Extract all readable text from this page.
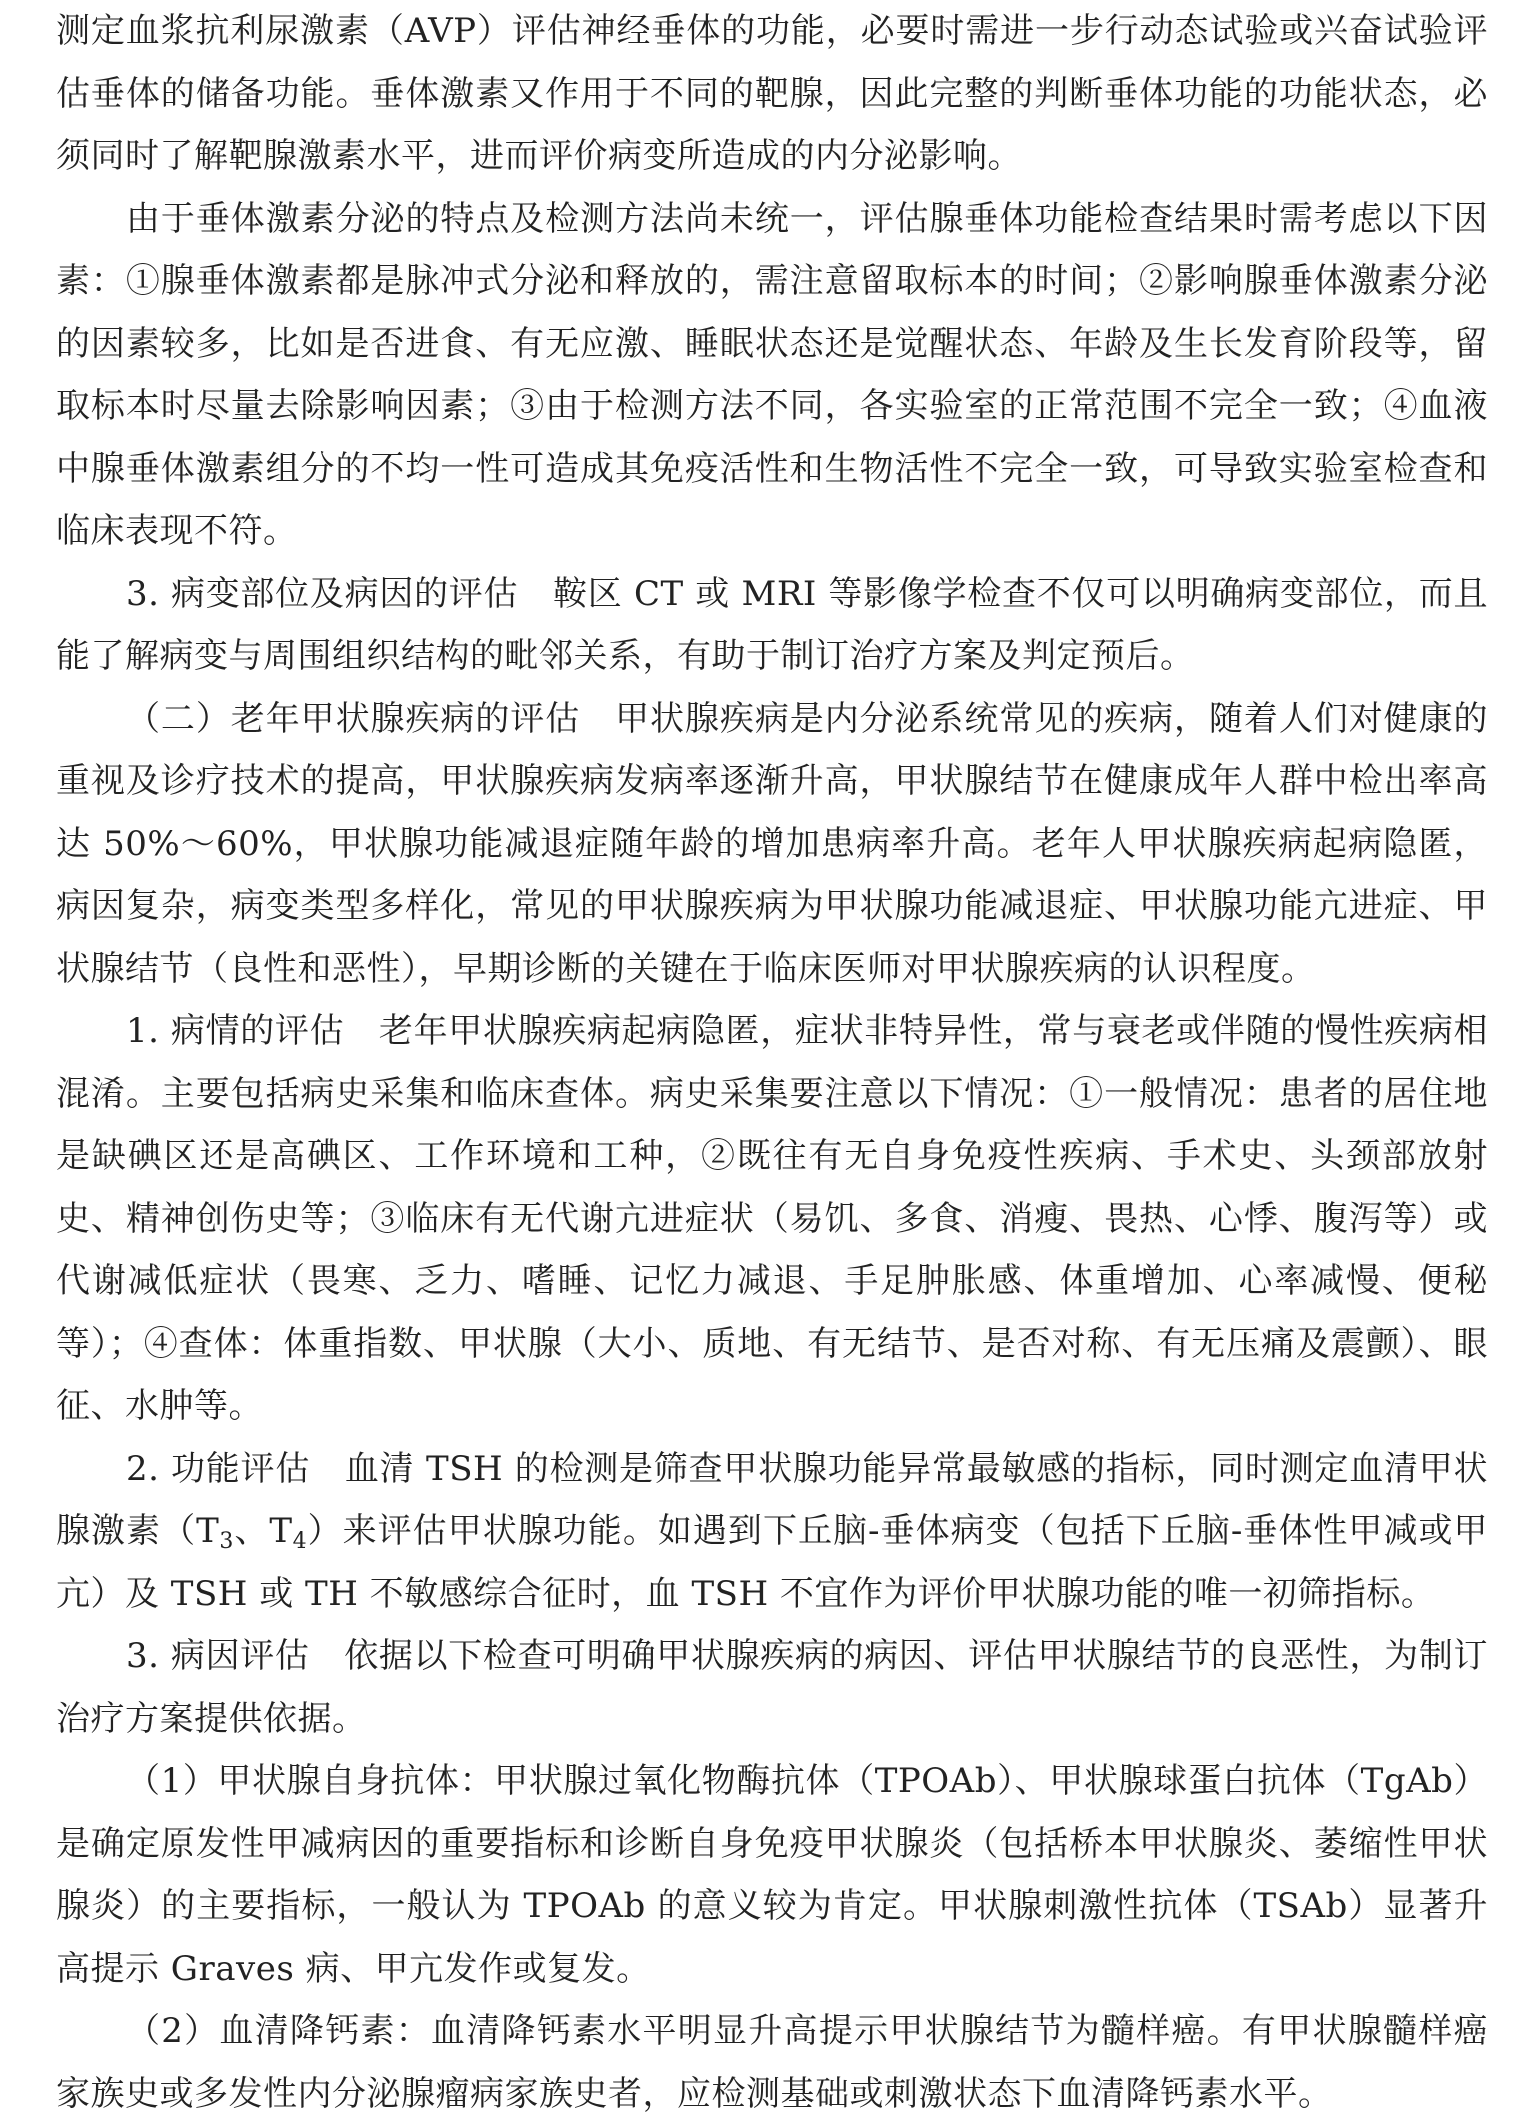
测定血浆抗利尿激素（AVP）评估神经垂体的功能，必要时需进一步行动态试验或兴奋试验评估垂体的储备功能。垂体激素又作用于不同的靶腺，因此完整的判断垂体功能的功能状态，必须同时了解靶腺激素水平，进而评价病变所造成的内分泌影响。

由于垂体激素分泌的特点及检测方法尚未统一，评估腺垂体功能检查结果时需考虑以下因素：①腺垂体激素都是脉冲式分泌和释放的，需注意留取标本的时间；②影响腺垂体激素分泌的因素较多，比如是否进食、有无应激、睡眠状态还是觉醒状态、年龄及生长发育阶段等，留取标本时尽量去除影响因素；③由于检测方法不同，各实验室的正常范围不完全一致；④血液中腺垂体激素组分的不均一性可造成其免疫活性和生物活性不完全一致，可导致实验室检查和临床表现不符。

3. 病变部位及病因的评估　 鞍区 CT 或 MRI 等影像学检查不仅可以明确病变部位，而且能了解病变与周围组织结构的毗邻关系，有助于制订治疗方案及判定预后。

（二）老年甲状腺疾病的评估　 甲状腺疾病是内分泌系统常见的疾病，随着人们对健康的重视及诊疗技术的提高，甲状腺疾病发病率逐渐升高，甲状腺结节在健康成年人群中检出率高达 50%～60%，甲状腺功能减退症随年龄的增加患病率升高。老年人甲状腺疾病起病隐匿，病因复杂，病变类型多样化，常见的甲状腺疾病为甲状腺功能减退症、甲状腺功能亢进症、甲状腺结节（良性和恶性），早期诊断的关键在于临床医师对甲状腺疾病的认识程度。

1. 病情的评估　 老年甲状腺疾病起病隐匿，症状非特异性，常与衰老或伴随的慢性疾病相混淆。主要包括病史采集和临床查体。病史采集要注意以下情况：①一般情况：患者的居住地是缺碘区还是高碘区、工作环境和工种，②既往有无自身免疫性疾病、手术史、头颈部放射史、精神创伤史等；③临床有无代谢亢进症状（易饥、多食、消瘦、畏热、心悸、腹泻等）或代谢减低症状（畏寒、乏力、嗜睡、记忆力减退、手足肿胀感、体重增加、心率减慢、便秘等）；④查体：体重指数、甲状腺（大小、质地、有无结节、是否对称、有无压痛及震颤）、眼征、水肿等。

2. 功能评估　 血清 TSH 的检测是筛查甲状腺功能异常最敏感的指标，同时测定血清甲状腺激素（$T_3$、$T_4$）来评估甲状腺功能。如遇到下丘脑-垂体病变（包括下丘脑-垂体性甲减或甲亢）及 TSH 或 TH 不敏感综合征时，血 TSH 不宜作为评价甲状腺功能的唯一初筛指标。

3. 病因评估　 依据以下检查可明确甲状腺疾病的病因、评估甲状腺结节的良恶性，为制订治疗方案提供依据。

（1）甲状腺自身抗体：甲状腺过氧化物酶抗体（TPOAb）、甲状腺球蛋白抗体（TgAb）是确定原发性甲减病因的重要指标和诊断自身免疫甲状腺炎（包括桥本甲状腺炎、萎缩性甲状腺炎）的主要指标，一般认为 TPOAb 的意义较为肯定。甲状腺刺激性抗体（TSAb）显著升高提示 Graves 病、甲亢发作或复发。

（2）血清降钙素：血清降钙素水平明显升高提示甲状腺结节为髓样癌。有甲状腺髓样癌家族史或多发性内分泌腺瘤病家族史者，应检测基础或刺激状态下血清降钙素水平。
